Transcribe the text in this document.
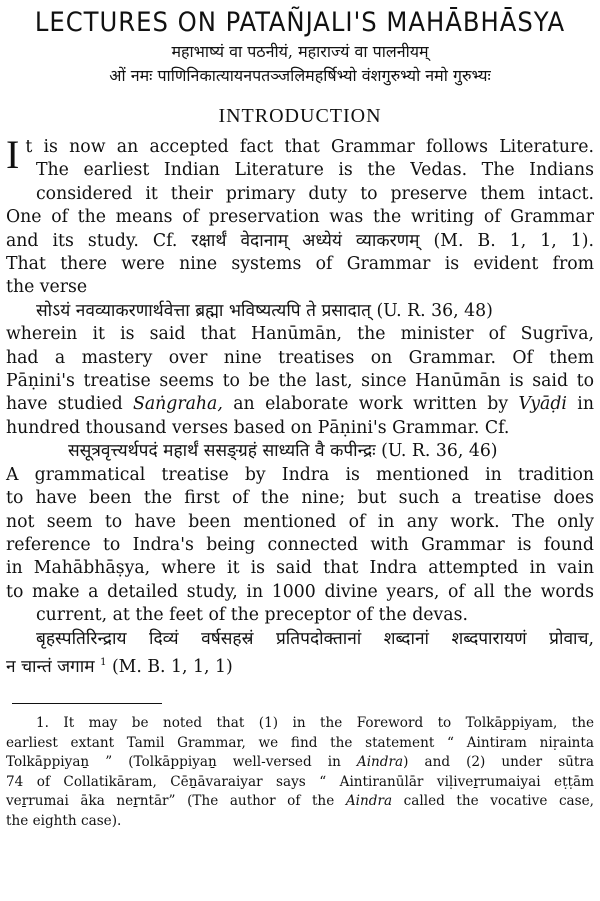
LECTURES ON PATAÑJALI'S MAHĀBHĀSYA

महाभाष्यं वा पठनीयं, महाराज्यं वा पालनीयम्

ओं नमः पाणिनिकात्यायनपतञ्जलिमहर्षिभ्यो वंशगुरुभ्यो नमो गुरुभ्यः

INTRODUCTION
I t is now an accepted fact that Grammar follows Literature.
The earliest Indian Literature is the Vedas. The Indians
considered it their primary duty to preserve them intact.
One of the means of preservation was the writing of Grammar
and its study. Cf. रक्षार्थं वेदानाम् अध्येयं व्याकरणम् (M. B. 1, 1, 1).
That there were nine systems of Grammar is evident from
the verse
सोऽयं नवव्याकरणार्थवेत्ता ब्रह्मा भविष्यत्यपि ते प्रसादात् (U. R. 36, 48)
wherein it is said that Hanūmān, the minister of Sugrīva,
had a mastery over nine treatises on Grammar. Of them
Pāṇini's treatise seems to be the last, since Hanūmān is said to
have studied Saṅgraha, an elaborate work written by Vyāḍi in
hundred thousand verses based on Pāṇini's Grammar. Cf.
ससूत्रवृत्त्यर्थपदं महार्थं ससङ्ग्रहं साध्यति वै कपीन्द्रः (U. R. 36, 46)
A grammatical treatise by Indra is mentioned in tradition
to have been the first of the nine; but such a treatise does
not seem to have been mentioned of in any work. The only
reference to Indra's being connected with Grammar is found
in Mahābhāṣya, where it is said that Indra attempted in vain
to make a detailed study, in 1000 divine years, of all the words
current, at the feet of the preceptor of the devas.
बृहस्पतिरिन्द्राय दिव्यं वर्षसहस्रं प्रतिपदोक्तानां शब्दानां शब्दपारायणं प्रोवाच,
न चान्तं जगाम $^1$ (M. B. 1, 1, 1)
1. It may be noted that (1) in the Foreword to Tolkāppiyam, the
earliest extant Tamil Grammar, we find the statement “ Aintiram niṛainta
Tolkāppiyaṉ ” (Tolkāppiyaṉ well-versed in Aindra) and (2) under sūtra
74 of Collatikāram, Cēṉāvaraiyar says “ Aintiranūlār viḷiveṟrumaiyai eṭṭām
veṟrumai āka neṟntār” (The author of the Aindra called the vocative case,
the eighth case).
